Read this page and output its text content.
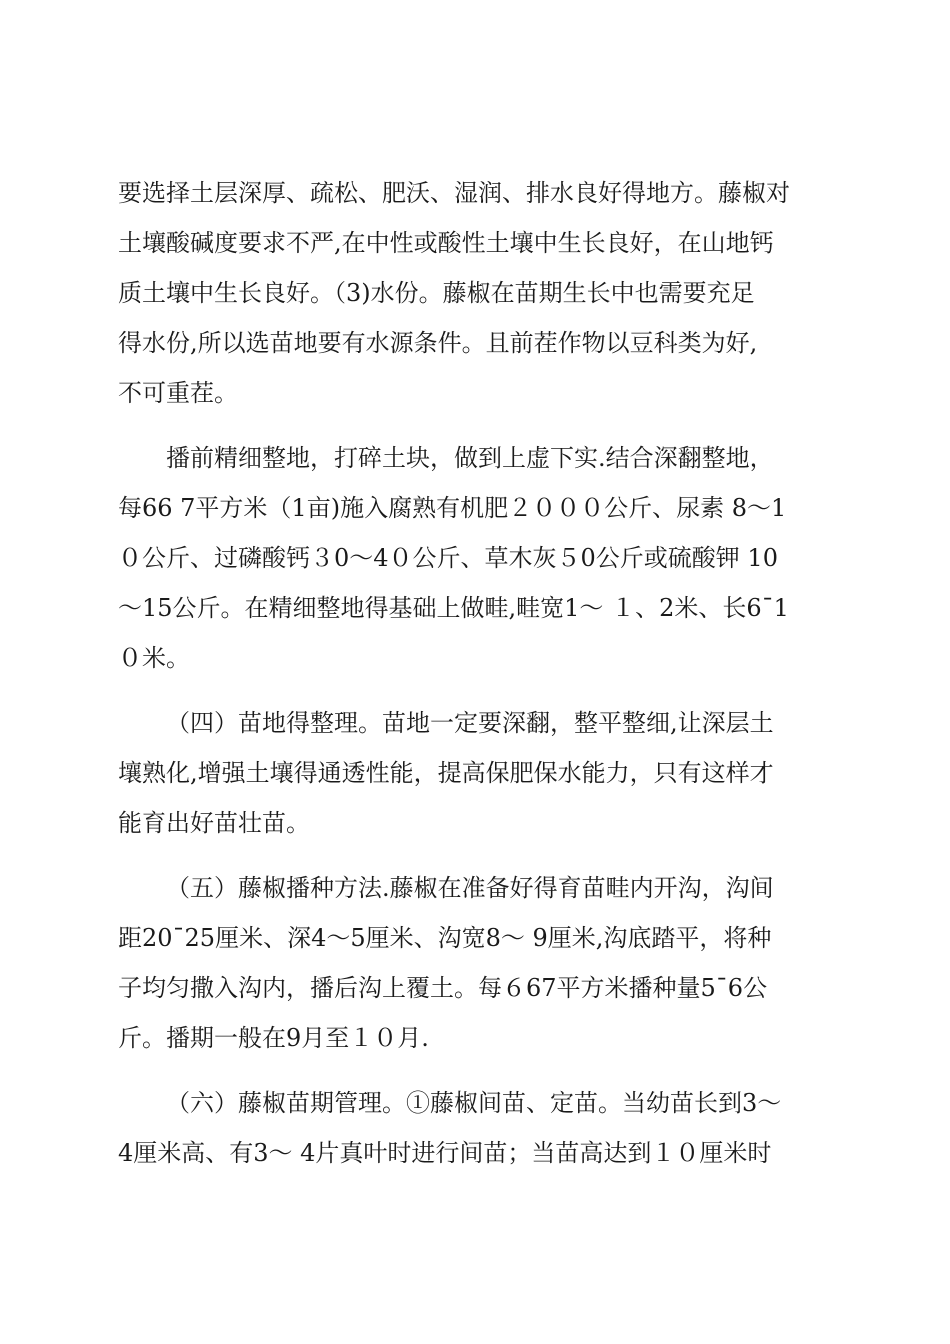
要选择土层深厚、疏松、肥沃、湿润、排水良好得地方。藤椒对
土壤酸碱度要求不严,在中性或酸性土壤中生长良好，在山地钙
质土壤中生长良好。（3)水份。藤椒在苗期生长中也需要充足
得水份,所以选苗地要有水源条件。且前茬作物以豆科类为好,
不可重茬。
播前精细整地，打碎土块，做到上虚下实.结合深翻整地，
每66 7平方米（1亩)施入腐熟有机肥２０００公斤、尿素 8～1
０公斤、过磷酸钙３0～4０公斤、草木灰５0公斤或硫酸钾 10
～15公斤。在精细整地得基础上做畦,畦宽1～ １、2米、长6¯1
０米。
（四）苗地得整理。苗地一定要深翻，整平整细,让深层土
壤熟化,增强土壤得通透性能，提高保肥保水能力，只有这样才
能育出好苗壮苗。
（五）藤椒播种方法.藤椒在准备好得育苗畦内开沟，沟间
距20¯25厘米、深4～5厘米、沟宽8～ 9厘米,沟底踏平，将种
子均匀撒入沟内，播后沟上覆土。每６67平方米播种量5¯6公
斤。播期一般在9月至１０月.
（六）藤椒苗期管理。①藤椒间苗、定苗。当幼苗长到3～
4厘米高、有3～ 4片真叶时进行间苗；当苗高达到１０厘米时
